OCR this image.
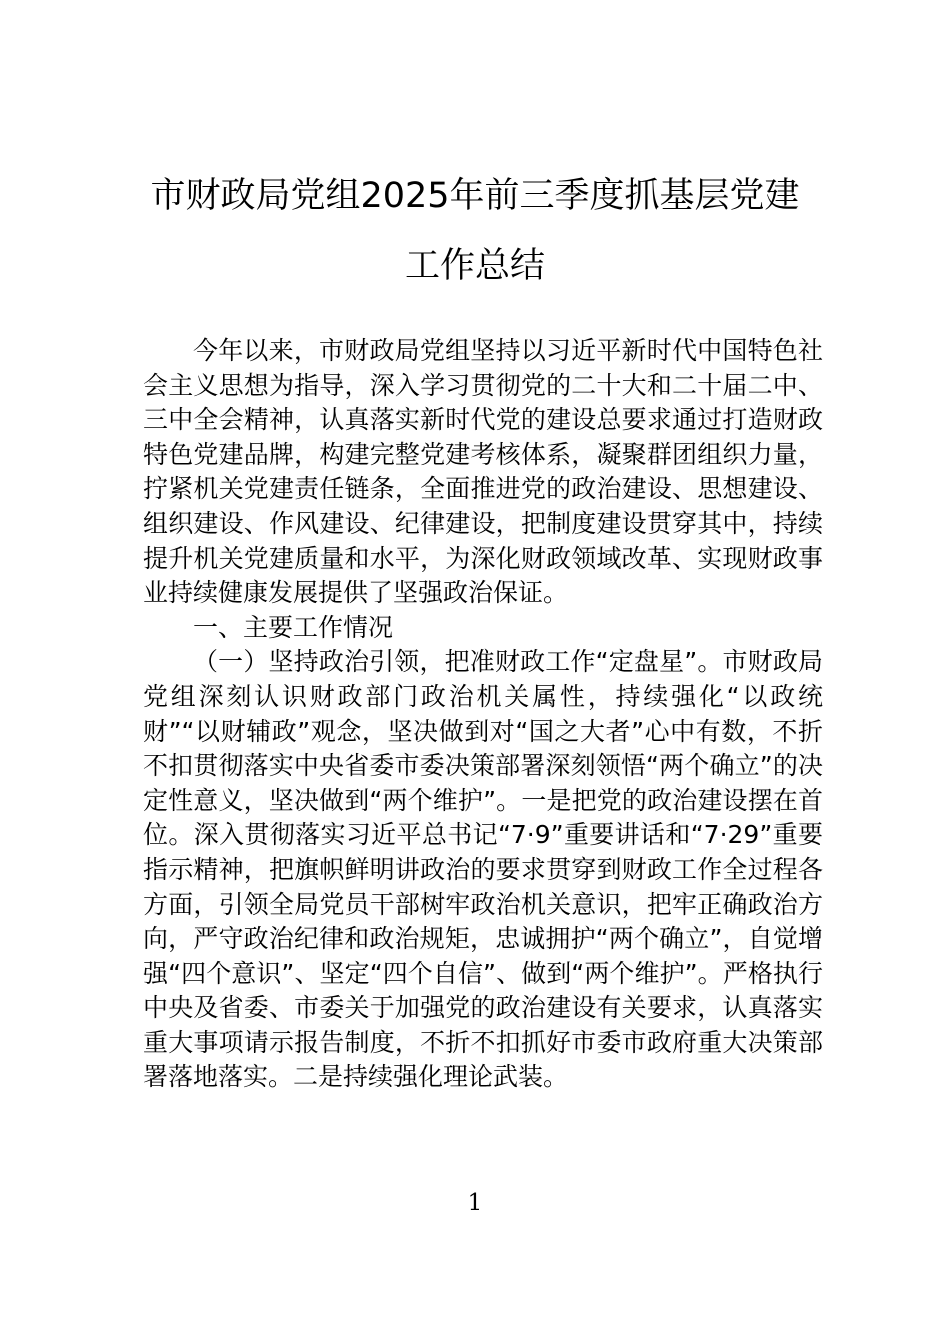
市财政局党组2025年前三季度抓基层党建
工作总结

今年以来，市财政局党组坚持以习近平新时代中国特色社会主义思想为指导，深入学习贯彻党的二十大和二十届二中、三中全会精神，认真落实新时代党的建设总要求通过打造财政特色党建品牌，构建完整党建考核体系，凝聚群团组织力量，拧紧机关党建责任链条，全面推进党的政治建设、思想建设、组织建设、作风建设、纪律建设，把制度建设贯穿其中，持续提升机关党建质量和水平，为深化财政领域改革、实现财政事业持续健康发展提供了坚强政治保证。

一、主要工作情况

（一）坚持政治引领，把准财政工作“定盘星”。市财政局党组深刻认识财政部门政治机关属性，持续强化“以政统财”“以财辅政”观念，坚决做到对“国之大者”心中有数，不折不扣贯彻落实中央省委市委决策部署深刻领悟“两个确立”的决定性意义，坚决做到“两个维护”。一是把党的政治建设摆在首位。深入贯彻落实习近平总书记“7·9”重要讲话和“7·29”重要指示精神，把旗帜鲜明讲政治的要求贯穿到财政工作全过程各方面，引领全局党员干部树牢政治机关意识，把牢正确政治方向，严守政治纪律和政治规矩，忠诚拥护“两个确立”，自觉增强“四个意识”、坚定“四个自信”、做到“两个维护”。严格执行中央及省委、市委关于加强党的政治建设有关要求，认真落实重大事项请示报告制度，不折不扣抓好市委市政府重大决策部署落地落实。二是持续强化理论武装。

1
